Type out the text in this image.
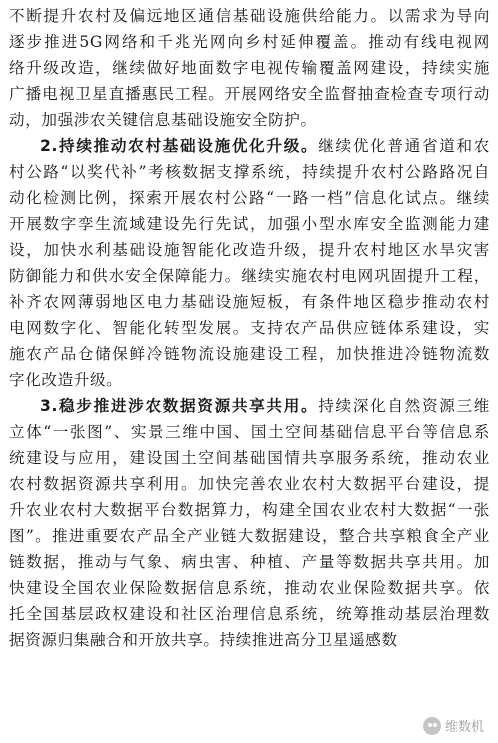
不断提升农村及偏远地区通信基础设施供给能力。以需求为导向
逐步推进5G网络和千兆光网向乡村延伸覆盖。推动有线电视网
络升级改造，继续做好地面数字电视传输覆盖网建设，持续实施
广播电视卫星直播惠民工程。开展网络安全监督抽查检查专项行动
动，加强涉农关键信息基础设施安全防护。
2.持续推动农村基础设施优化升级。继续优化普通省道和农
村公路“以奖代补”考核数据支撑系统，持续提升农村公路路况自
动化检测比例，探索开展农村公路“一路一档”信息化试点。继续
开展数字孪生流域建设先行先试，加强小型水库安全监测能力建
设，加快水利基础设施智能化改造升级，提升农村地区水旱灾害
防御能力和供水安全保障能力。继续实施农村电网巩固提升工程，
补齐农网薄弱地区电力基础设施短板，有条件地区稳步推动农村
电网数字化、智能化转型发展。支持农产品供应链体系建设，实
施农产品仓储保鲜冷链物流设施建设工程，加快推进冷链物流数
字化改造升级。
3.稳步推进涉农数据资源共享共用。持续深化自然资源三维
立体“一张图”、实景三维中国、国土空间基础信息平台等信息系
统建设与应用，建设国土空间基础国情共享服务系统，推动农业
农村数据资源共享利用。加快完善农业农村大数据平台建设，提
升农业农村大数据平台数据算力，构建全国农业农村大数据“一张
图”。推进重要农产品全产业链大数据建设，整合共享粮食全产业
链数据，推动与气象、病虫害、种植、产量等数据共享共用。加
快建设全国农业保险数据信息系统，推动农业保险数据共享。依
托全国基层政权建设和社区治理信息系统，统筹推动基层治理数
据资源归集融合和开放共享。持续推进高分卫星遥感数
维数机
